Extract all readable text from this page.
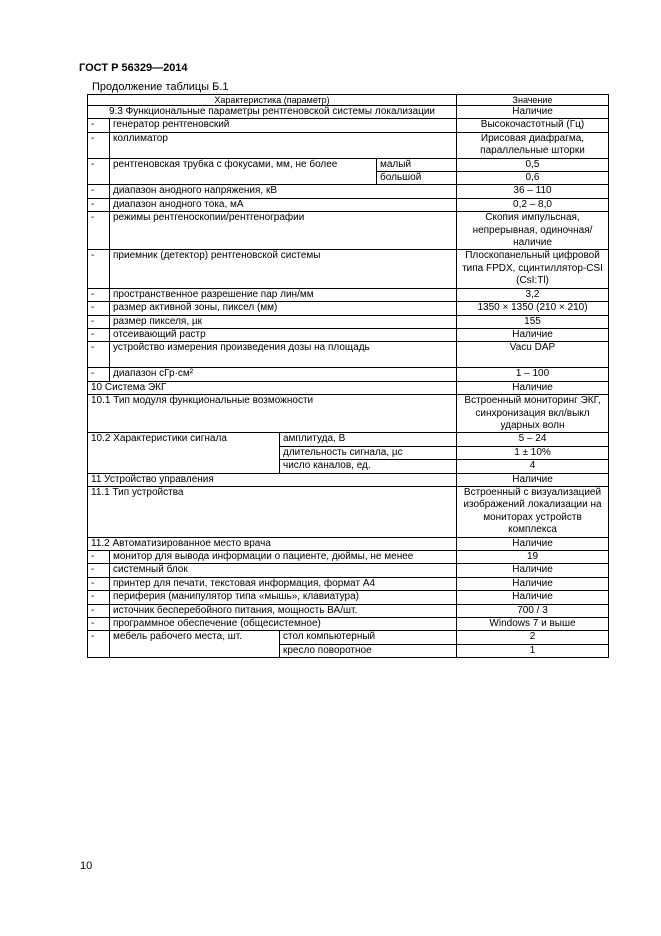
ГОСТ Р 56329—2014
Продолжение таблицы Б.1
Характеристика (параметр)				Значение
9.3 Функциональные параметры рентгеновской системы локализации				Наличие
-	генератор рентгеновский			Высокочастотный (Гц)
-	коллиматор			Ирисовая диафрагма, параллельные шторки
-	рентгеновская трубка с фокусами, мм, не более		малый	0,5
			большой	0,6
-	диапазон анодного напряжения, кВ			36 – 110
-	диапазон анодного тока, мА			0,2 – 8,0
-	режимы рентгеноскопии/рентгенографии			Скопия импульсная, непрерывная, одиночная/наличие
-	приемник (детектор) рентгеновской системы			Плоскопанельный цифровой типа FPDX, сцинтиллятор-CSI (CsI:Tl)
-	пространственное разрешение пар лин/мм			3,2
-	размер активной зоны, пиксел (мм)			1350 × 1350 (210 × 210)
-	размер пикселя, µк			155
-	отсеивающий растр			Наличие
-	устройство измерения произведения дозы на площадь			Vacu DAP
-	диапазон сГр·см²			1 – 100
10 Система ЭКГ				Наличие
10.1 Тип модуля функциональные возможности				Встроенный мониторинг ЭКГ, синхронизация вкл/выкл ударных волн
10.2 Характеристики сигнала		амплитуда, В		5 – 24
		длительность сигнала, µс		1 ± 10%
		число каналов, ед.		4
11 Устройство управления				Наличие
11.1 Тип устройства				Встроенный с визуализацией изображений локализации на мониторах устройств комплекса
11.2 Автоматизированное место врача				Наличие
-	монитор для вывода информации о пациенте, дюймы, не менее			19
-	системный блок			Наличие
-	принтер для печати, текстовая информация, формат А4			Наличие
-	периферия (манипулятор типа «мышь», клавиатура)			Наличие
-	источник бесперебойного питания, мощность ВА/шт.			700 / 3
-	программное обеспечение (общесистемное)			Windows 7 и выше
-	мебель рабочего места, шт.	стол компьютерный		2
		кресло поворотное		1
10
